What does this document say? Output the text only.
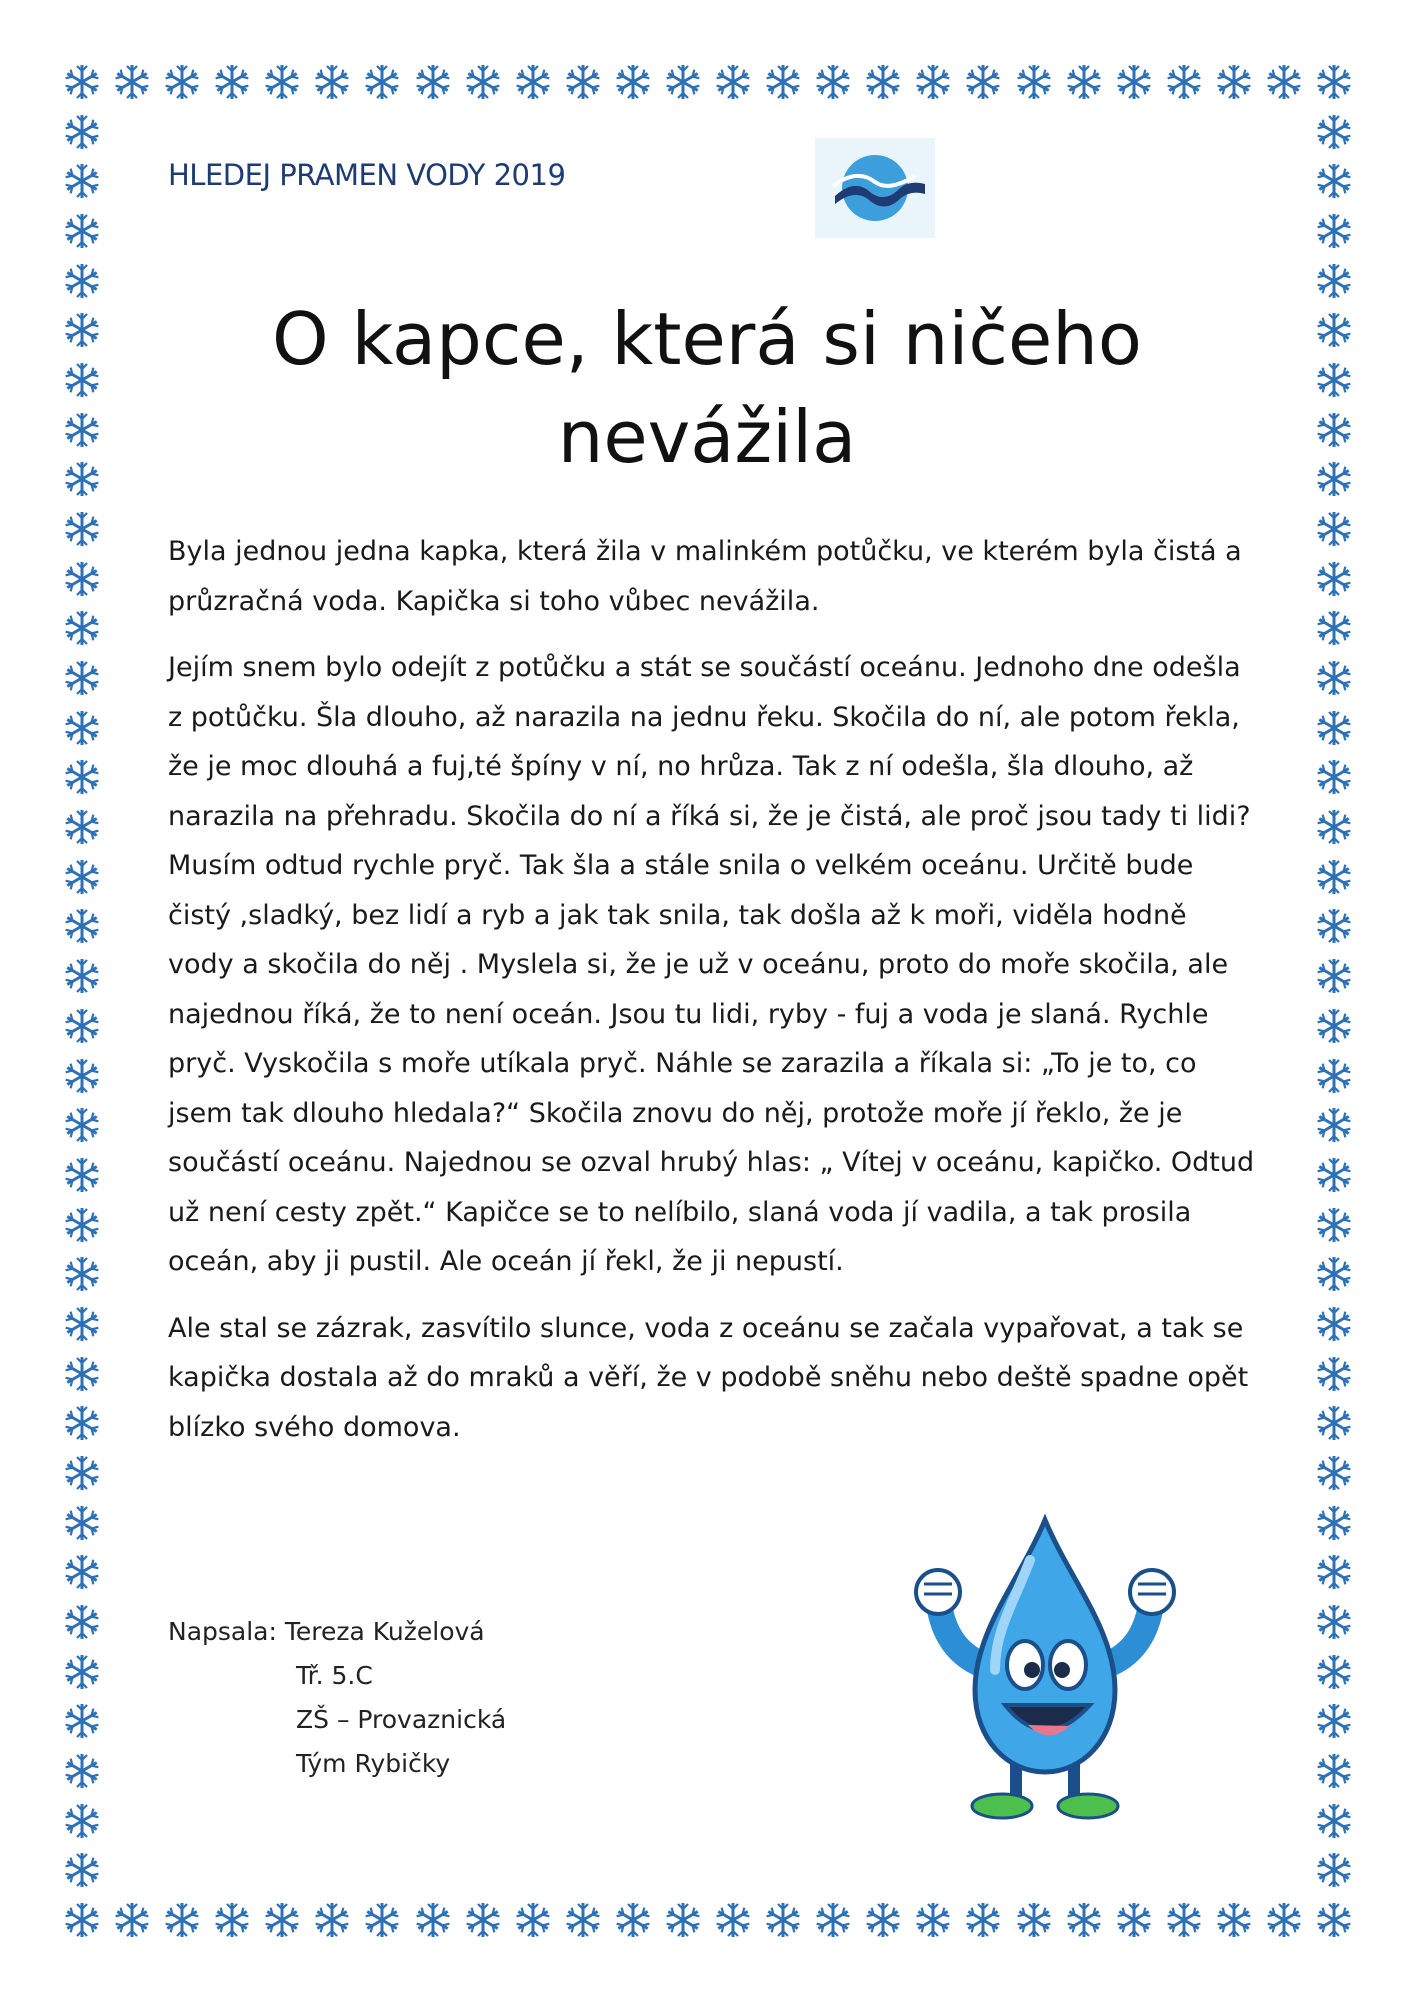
HLEDEJ PRAMEN VODY 2019
O kapce, která si ničeho
nevážila

Byla jednou jedna kapka, která žila v malinkém potůčku, ve kterém byla čistá a průzračná voda. Kapička si toho vůbec nevážila.

Jejím snem bylo odejít z potůčku a stát se součástí oceánu. Jednoho dne odešla z potůčku. Šla dlouho, až narazila na jednu řeku. Skočila do ní, ale potom řekla, že je moc dlouhá a fuj,té špíny v ní, no hrůza. Tak z ní odešla, šla dlouho, až narazila na přehradu. Skočila do ní a říká si, že je čistá, ale proč jsou tady ti lidi? Musím odtud rychle pryč. Tak šla a stále snila o velkém oceánu. Určitě bude čistý ,sladký, bez lidí a ryb a jak tak snila, tak došla až k moři, viděla hodně vody a skočila do něj . Myslela si, že je už v oceánu, proto do moře skočila, ale najednou říká, že to není oceán. Jsou tu lidi, ryby - fuj a voda je slaná. Rychle pryč. Vyskočila s moře utíkala pryč. Náhle se zarazila a říkala si: „To je to, co jsem tak dlouho hledala?“ Skočila znovu do něj, protože moře jí řeklo, že je součástí oceánu. Najednou se ozval hrubý hlas: „ Vítej v oceánu, kapičko. Odtud už není cesty zpět.“ Kapičce se to nelíbilo, slaná voda jí vadila, a tak prosila oceán, aby ji pustil. Ale oceán jí řekl, že ji nepustí.

Ale stal se zázrak, zasvítilo slunce, voda z oceánu se začala vypařovat, a tak se kapička dostala až do mraků a věří, že v podobě sněhu nebo deště spadne opět blízko svého domova.

Napsala: Tereza Kuželová
Tř. 5.C
ZŠ – Provaznická
Tým Rybičky
